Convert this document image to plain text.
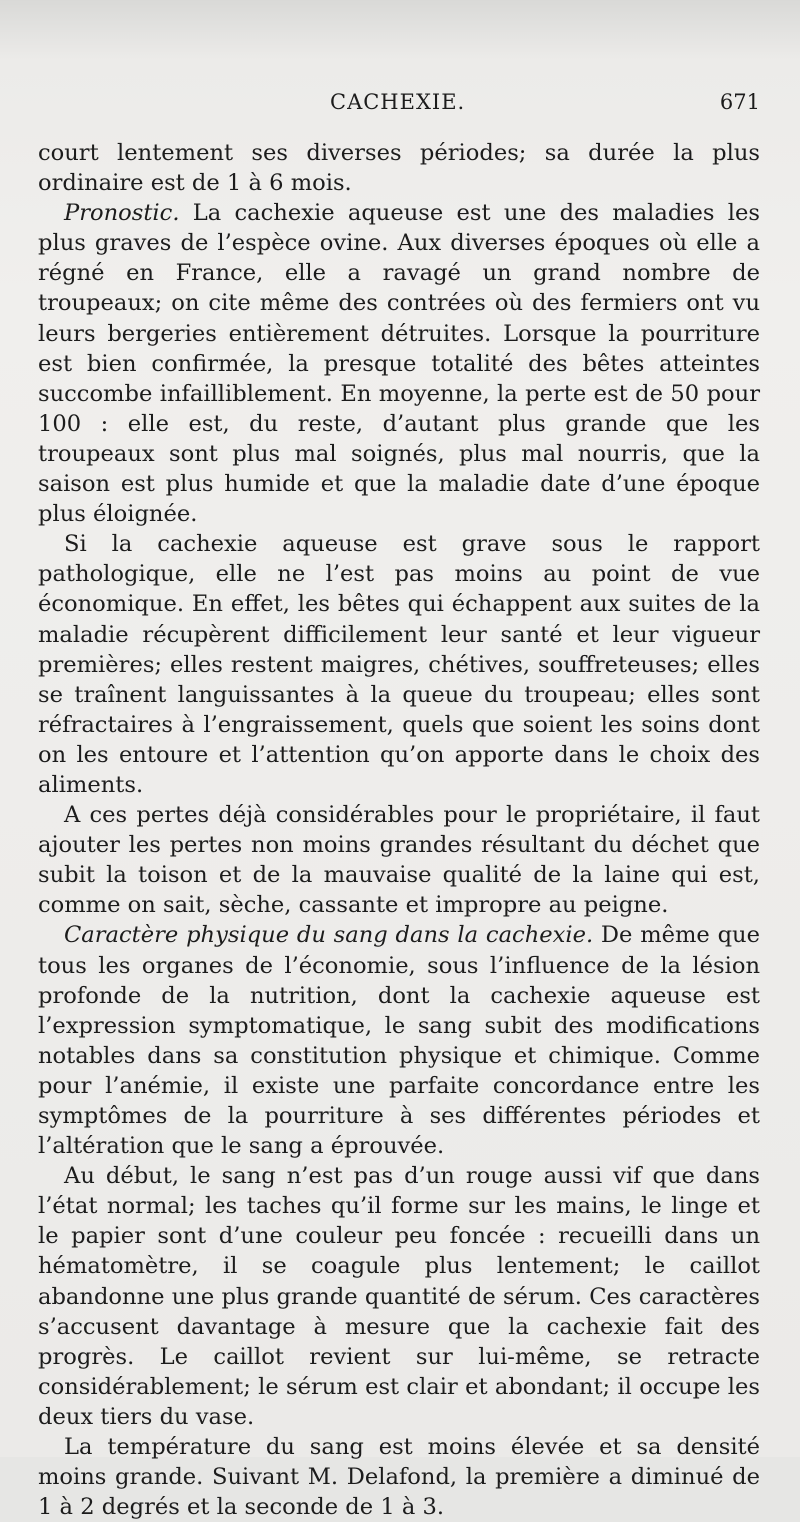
CACHEXIE.	671

court lentement ses diverses périodes; sa durée la plus ordinaire est de 1 à 6 mois.

Pronostic. La cachexie aqueuse est une des maladies les plus graves de l’espèce ovine. Aux diverses époques où elle a régné en France, elle a ravagé un grand nombre de troupeaux; on cite même des contrées où des fermiers ont vu leurs bergeries entièrement détruites. Lorsque la pourriture est bien confirmée, la presque totalité des bêtes atteintes succombe infailliblement. En moyenne, la perte est de 50 pour 100 : elle est, du reste, d’autant plus grande que les troupeaux sont plus mal soignés, plus mal nourris, que la saison est plus humide et que la maladie date d’une époque plus éloignée.

Si la cachexie aqueuse est grave sous le rapport pathologique, elle ne l’est pas moins au point de vue économique. En effet, les bêtes qui échappent aux suites de la maladie récupèrent difficilement leur santé et leur vigueur premières; elles restent maigres, chétives, souffreteuses; elles se traînent languissantes à la queue du troupeau; elles sont réfractaires à l’engraissement, quels que soient les soins dont on les entoure et l’attention qu’on apporte dans le choix des aliments.

A ces pertes déjà considérables pour le propriétaire, il faut ajouter les pertes non moins grandes résultant du déchet que subit la toison et de la mauvaise qualité de la laine qui est, comme on sait, sèche, cassante et impropre au peigne.

Caractère physique du sang dans la cachexie. De même que tous les organes de l’économie, sous l’influence de la lésion profonde de la nutrition, dont la cachexie aqueuse est l’expression symptomatique, le sang subit des modifications notables dans sa constitution physique et chimique. Comme pour l’anémie, il existe une parfaite concordance entre les symptômes de la pourriture à ses différentes périodes et l’altération que le sang a éprouvée.

Au début, le sang n’est pas d’un rouge aussi vif que dans l’état normal; les taches qu’il forme sur les mains, le linge et le papier sont d’une couleur peu foncée : recueilli dans un hématomètre, il se coagule plus lentement; le caillot abandonne une plus grande quantité de sérum. Ces caractères s’accusent davantage à mesure que la cachexie fait des progrès. Le caillot revient sur lui-même, se retracte considérablement; le sérum est clair et abondant; il occupe les deux tiers du vase.

La température du sang est moins élevée et sa densité moins grande. Suivant M. Delafond, la première a diminué de 1 à 2 degrés et la seconde de 1 à 3.
